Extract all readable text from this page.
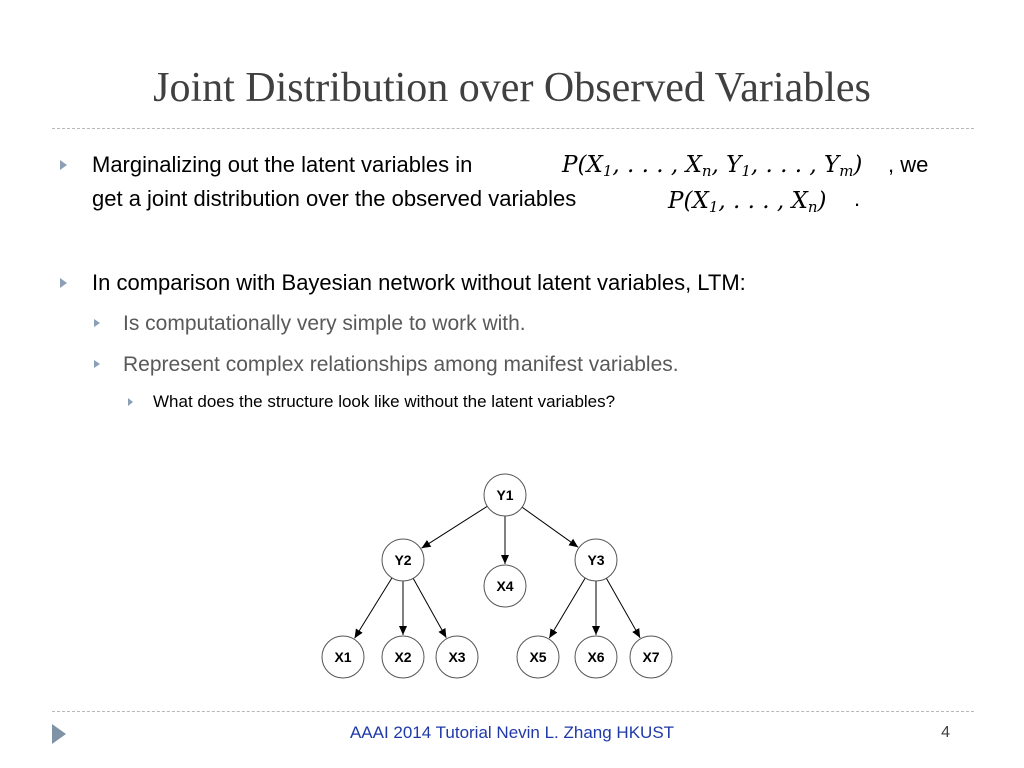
Joint Distribution over Observed Variables
Marginalizing out the latent variables in	$P(X_1$, . . . , $X_n$, $Y_1$, . . . , $Y_m$) , we
get a joint distribution over the observed variables	$P(X_1$, . . . , $X_n$) .
In comparison with Bayesian network without latent variables, LTM:
Is computationally very simple to work with.
Represent complex relationships among manifest variables.
What does the structure look like without the latent variables?
Y1
Y2	Y3
X4
X1	X2	X3	X5	X6	X7
AAAI 2014 Tutorial Nevin L. Zhang HKUST	4
